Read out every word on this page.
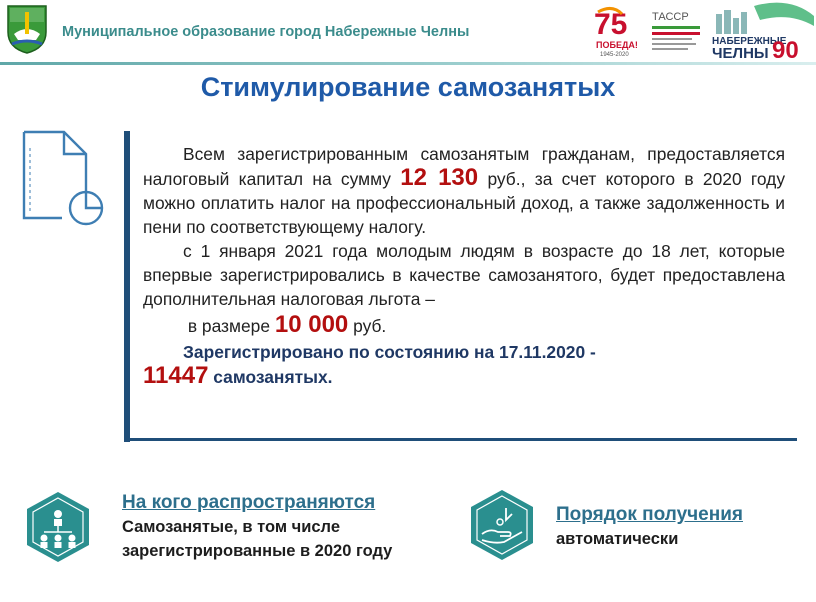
Муниципальное образование город Набережные Челны	75
ПОБЕДА!
1945-2020
ТАССР
НАБЕРЕЖНЫЕ
ЧЕЛНЫ 90
Стимулирование самозанятых

Всем зарегистрированным самозанятым гражданам, предоставляется налоговый капитал на сумму 12 130 руб., за счет которого в 2020 году можно оплатить налог на профессиональный доход, а также задолженность и пени по соответствующему налогу.

с 1 января 2021 года молодым людям в возрасте до 18 лет, которые впервые зарегистрировались в качестве самозанятого, будет предоставлена дополнительная налоговая льгота –
в размере 10 000 руб.

Зарегистрировано по состоянию на 17.11.2020 -

11447 самозанятых.

На кого распространяются
Самозанятые, в том числе
зарегистрированные в 2020 году
Порядок получения
автоматически
